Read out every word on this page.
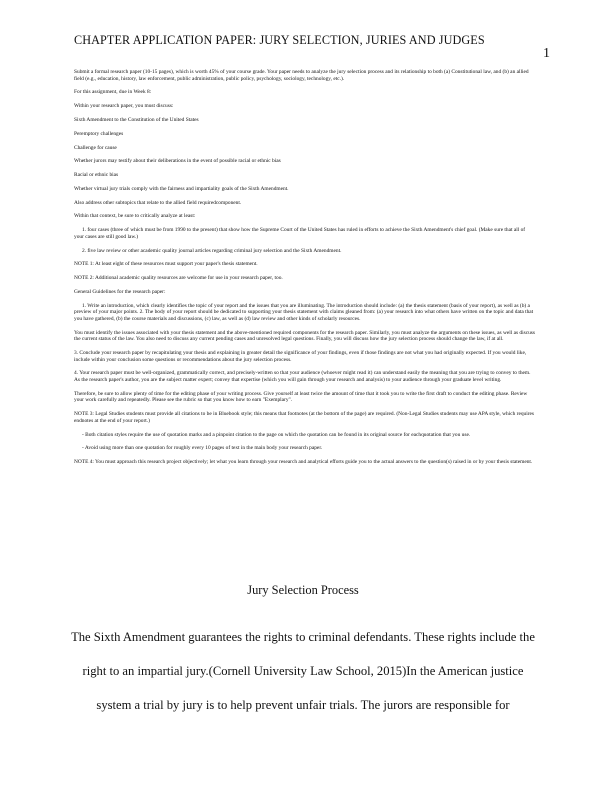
CHAPTER APPLICATION PAPER: JURY SELECTION, JURIES AND JUDGES
1

Submit a formal research paper (10-15 pages), which is worth 45% of your course grade. Your paper needs to analyze the jury selection process and its relationship to both (a) Constitutional law, and (b) an allied field (e.g., education, history, law enforcement, public administration, public policy, psychology, sociology, technology, etc.).

For this assignment, due in Week 8:

Within your research paper, you must discuss:

Sixth Amendment to the Constitution of the United States

Peremptory challenges

Challenge for cause

Whether jurors may testify about their deliberations in the event of possible racial or ethnic bias

Racial or ethnic bias

Whether virtual jury trials comply with the fairness and impartiality goals of the Sixth Amendment.

Also address other subtopics that relate to the allied field requiredcomponent.

Within that context, be sure to critically analyze at least:

1. four cases (three of which must be from 1990 to the present) that show how the Supreme Court of the United States has ruled in efforts to achieve the Sixth Amendment's chief goal. (Make sure that all of your cases are still good law.)

2. five law review or other academic quality journal articles regarding criminal jury selection and the Sixth Amendment.

NOTE 1: At least eight of these resources must support your paper's thesis statement.

NOTE 2: Additional academic quality resources are welcome for use in your research paper, too.

General Guidelines for the research paper:

1. Write an introduction, which clearly identifies the topic of your report and the issues that you are illuminating. The introduction should include: (a) the thesis statement (basis of your report), as well as (b) a preview of your major points. 2. The body of your report should be dedicated to supporting your thesis statement with claims gleaned from: (a) your research into what others have written on the topic and data that you have gathered, (b) the course materials and discussions, (c) law, as well as (d) law review and other kinds of scholarly resources.

You must identify the issues associated with your thesis statement and the above-mentioned required components for the research paper. Similarly, you must analyze the arguments on these issues, as well as discuss the current status of the law. You also need to discuss any current pending cases and unresolved legal questions. Finally, you will discuss how the jury selection process should change the law, if at all.

3. Conclude your research paper by recapitulating your thesis and explaining in greater detail the significance of your findings, even if those findings are not what you had originally expected. If you would like, include within your conclusion some questions or recommendations about the jury selection process.

4. Your research paper must be well-organized, grammatically correct, and precisely-written so that your audience (whoever might read it) can understand easily the meaning that you are trying to convey to them. As the research paper's author, you are the subject matter expert; convey that expertise (which you will gain through your research and analysis) to your audience through your graduate level writing.

Therefore, be sure to allow plenty of time for the editing phase of your writing process. Give yourself at least twice the amount of time that it took you to write the first draft to conduct the editing phase. Review your work carefully and repeatedly. Please see the rubric so that you know how to earn "Exemplary".

NOTE 3: Legal Studies students must provide all citations to be in Bluebook style; this means that footnotes (at the bottom of the page) are required. (Non-Legal Studies students may use APA style, which requires endnotes at the end of your report.)

- Both citation styles require the use of quotation marks and a pinpoint citation to the page on which the quotation can be found in its original source for eachquotation that you use.

- Avoid using more than one quotation for roughly every 10 pages of text in the main body your research paper.

NOTE 4: You must approach this research project objectively; let what you learn through your research and analytical efforts guide you to the actual answers to the question(s) raised in or by your thesis statement.

Jury Selection Process

The Sixth Amendment guarantees the rights to criminal defendants. These rights include the

right to an impartial jury.(Cornell University Law School, 2015)In the American justice

system a trial by jury is to help prevent unfair trials. The jurors are responsible for
